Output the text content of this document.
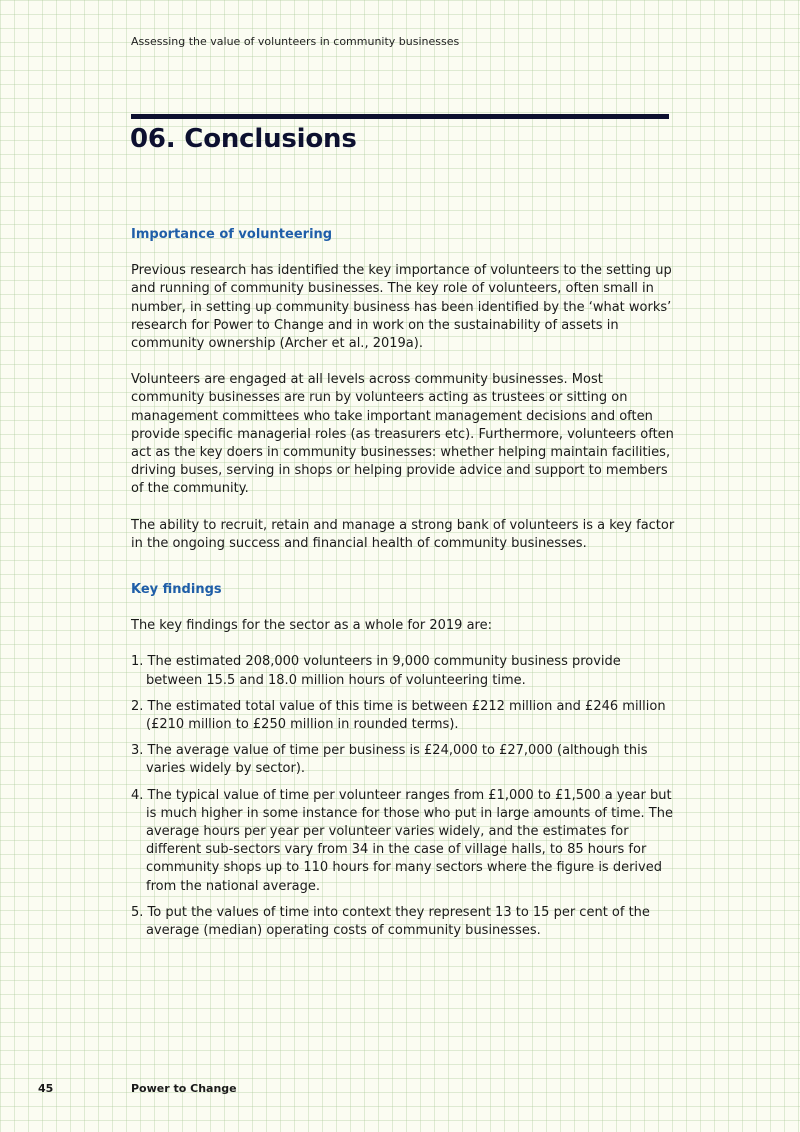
Assessing the value of volunteers in community businesses
06. Conclusions
Importance of volunteering

Previous research has identified the key importance of volunteers to the setting up and running of community businesses. The key role of volunteers, often small in number, in setting up community business has been identified by the ‘what works’ research for Power to Change and in work on the sustainability of assets in community ownership (Archer et al., 2019a).

Volunteers are engaged at all levels across community businesses. Most community businesses are run by volunteers acting as trustees or sitting on management committees who take important management decisions and often provide specific managerial roles (as treasurers etc). Furthermore, volunteers often act as the key doers in community businesses: whether helping maintain facilities, driving buses, serving in shops or helping provide advice and support to members of the community.

The ability to recruit, retain and manage a strong bank of volunteers is a key factor in the ongoing success and financial health of community businesses.

Key findings

The key findings for the sector as a whole for 2019 are:

1. The estimated 208,000 volunteers in 9,000 community business provide between 15.5 and 18.0 million hours of volunteering time.
2. The estimated total value of this time is between £212 million and £246 million (£210 million to £250 million in rounded terms).
3. The average value of time per business is £24,000 to £27,000 (although this varies widely by sector).
4. The typical value of time per volunteer ranges from £1,000 to £1,500 a year but is much higher in some instance for those who put in large amounts of time. The average hours per year per volunteer varies widely, and the estimates for different sub-sectors vary from 34 in the case of village halls, to 85 hours for community shops up to 110 hours for many sectors where the figure is derived from the national average.
5. To put the values of time into context they represent 13 to 15 per cent of the average (median) operating costs of community businesses.
45	Power to Change
